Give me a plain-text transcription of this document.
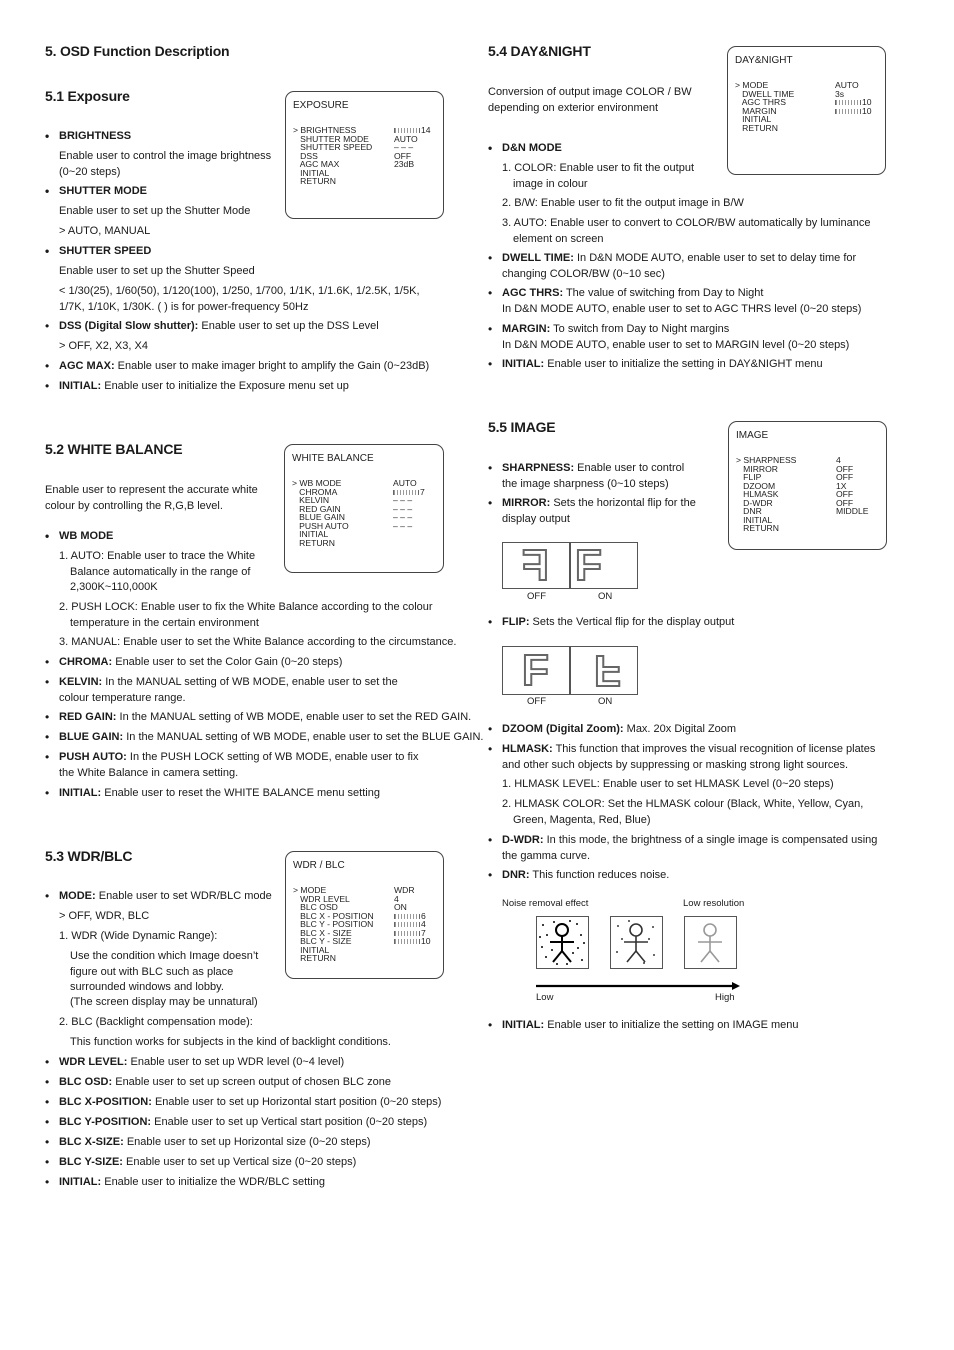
5. OSD Function Description
5.1 Exposure
EXPOSURE
> BRIGHTNESS	14
SHUTTER MODE	AUTO
SHUTTER SPEED	– – –
DSS	OFF
AGC MAX	23dB
INITIAL
RETURN
• BRIGHTNESS
Enable user to control the image brightness (0~20 steps)
• SHUTTER MODE
Enable user to set up the Shutter Mode
> AUTO, MANUAL
• SHUTTER SPEED
Enable user to set up the Shutter Speed
< 1/30(25), 1/60(50), 1/120(100), 1/250, 1/700, 1/1K, 1/1.6K, 1/2.5K, 1/5K, 1/7K, 1/10K, 1/30K. ( ) is for power-frequency 50Hz
• DSS (Digital Slow shutter): Enable user to set up the DSS Level
> OFF, X2, X3, X4
• AGC MAX: Enable user to make imager bright to amplify the Gain (0~23dB)
• INITIAL: Enable user to initialize the Exposure menu set up
5.2 WHITE BALANCE
Enable user to represent the accurate white colour by controlling the R,G,B level.
WHITE BALANCE
> WB MODE	AUTO
CHROMA	7
KELVIN	– – –
RED GAIN	– – –
BLUE GAIN	– – –
PUSH AUTO	– – –
INITIAL
RETURN
• WB MODE
1. AUTO: Enable user to trace the White Balance automatically in the range of 2,300K~110,000K
2. PUSH LOCK: Enable user to fix the White Balance according to the colour temperature in the certain environment
3. MANUAL: Enable user to set the White Balance according to the circumstance.
• CHROMA: Enable user to set the Color Gain (0~20 steps)
• KELVIN: In the MANUAL setting of WB MODE, enable user to set the colour temperature range.
• RED GAIN: In the MANUAL setting of WB MODE, enable user to set the RED GAIN.
• BLUE GAIN: In the MANUAL setting of WB MODE, enable user to set the BLUE GAIN.
• PUSH AUTO: In the PUSH LOCK setting of WB MODE, enable user to fix the White Balance in camera setting.
• INITIAL: Enable user to reset the WHITE BALANCE menu setting
5.3 WDR/BLC
WDR / BLC
> MODE	WDR
WDR LEVEL	4
BLC OSD	ON
BLC X - POSITION	6
BLC Y - POSITION	4
BLC X - SIZE	7
BLC Y - SIZE	10
INITIAL
RETURN
• MODE: Enable user to set WDR/BLC mode
> OFF, WDR, BLC
1. WDR (Wide Dynamic Range):
Use the condition which Image doesn’t figure out with BLC such as place surrounded windows and lobby.
(The screen display may be unnatural)
2. BLC (Backlight compensation mode):
This function works for subjects in the kind of backlight conditions.
• WDR LEVEL: Enable user to set up WDR level (0~4 level)
• BLC OSD: Enable user to set up screen output of chosen BLC zone
• BLC X-POSITION: Enable user to set up Horizontal start position (0~20 steps)
• BLC Y-POSITION: Enable user to set up Vertical start position (0~20 steps)
• BLC X-SIZE: Enable user to set up Horizontal size (0~20 steps)
• BLC Y-SIZE: Enable user to set up Vertical size (0~20 steps)
• INITIAL: Enable user to initialize the WDR/BLC setting
5.4 DAY&NIGHT
Conversion of output image COLOR / BW depending on exterior environment
DAY&NIGHT
> MODE	AUTO
DWELL TIME	3s
AGC THRS	10
MARGIN	10
INITIAL
RETURN
• D&N MODE
1. COLOR: Enable user to fit the output image in colour
2. B/W: Enable user to fit the output image in B/W
3. AUTO: Enable user to convert to COLOR/BW automatically by luminance element on screen
• DWELL TIME: In D&N MODE AUTO, enable user to set to delay time for changing COLOR/BW (0~10 sec)
• AGC THRS: The value of switching from Day to Night
In D&N MODE AUTO, enable user to set to AGC THRS level (0~20 steps)
• MARGIN: To switch from Day to Night margins
In D&N MODE AUTO, enable user to set to MARGIN level (0~20 steps)
• INITIAL: Enable user to initialize the setting in DAY&NIGHT menu
5.5 IMAGE
IMAGE
> SHARPNESS	4
MIRROR	OFF
FLIP	OFF
DZOOM	1X
HLMASK	OFF
D-WDR	OFF
DNR	MIDDLE
INITIAL
RETURN
• SHARPNESS: Enable user to control the image sharpness (0~10 steps)
• MIRROR: Sets the horizontal flip for the display output
F F
OFF	ON
• FLIP: Sets the Vertical flip for the display output
F F
OFF	ON
• DZOOM (Digital Zoom): Max. 20x Digital Zoom
• HLMASK: This function that improves the visual recognition of license plates and other such objects by suppressing or masking strong light sources.
1. HLMASK LEVEL: Enable user to set HLMASK Level (0~20 steps)
2. HLMASK COLOR: Set the HLMASK colour (Black, White, Yellow, Cyan, Green, Magenta, Red, Blue)
• D-WDR: In this mode, the brightness of a single image is compensated using the gamma curve.
• DNR: This function reduces noise.
Noise removal effect	Low resolution
Low	High
• INITIAL: Enable user to initialize the setting on IMAGE menu
